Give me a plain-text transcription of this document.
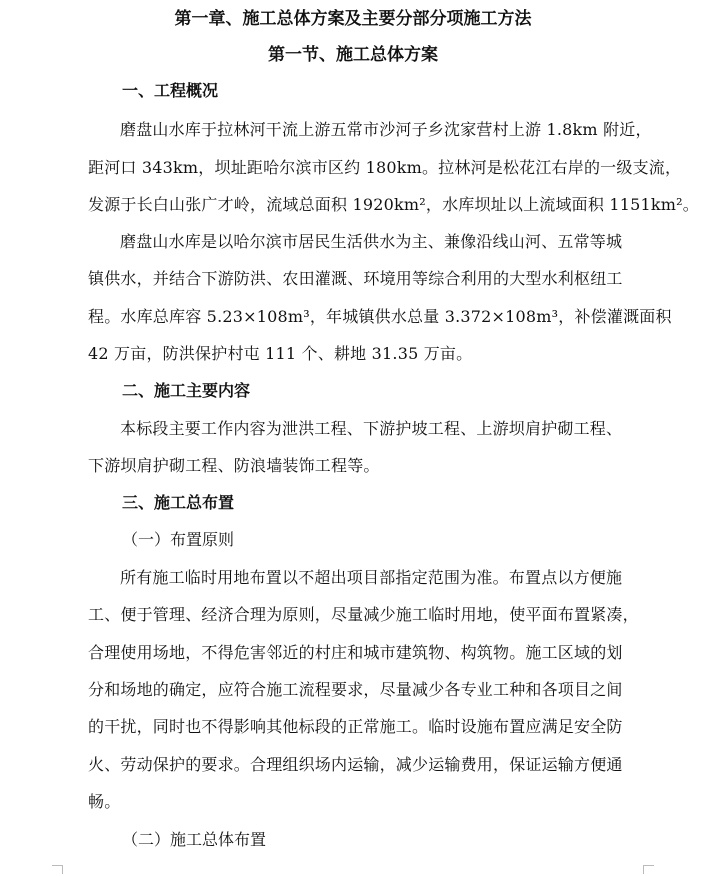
第一章、施工总体方案及主要分部分项施工方法
第一节、施工总体方案
一、工程概况
磨盘山水库于拉林河干流上游五常市沙河子乡沈家营村上游 1.8km 附近，
距河口 343km，坝址距哈尔滨市区约 180km。拉林河是松花江右岸的一级支流，
发源于长白山张广才岭，流域总面积 1920km²，水库坝址以上流域面积 1151km²。
磨盘山水库是以哈尔滨市居民生活供水为主、兼像沿线山河、五常等城
镇供水，并结合下游防洪、农田灌溉、环境用等综合利用的大型水利枢纽工
程。水库总库容 5.23×108m³，年城镇供水总量 3.372×108m³，补偿灌溉面积
42 万亩，防洪保护村屯 111 个、耕地 31.35 万亩。
二、施工主要内容
本标段主要工作内容为泄洪工程、下游护坡工程、上游坝肩护砌工程、
下游坝肩护砌工程、防浪墙装饰工程等。
三、施工总布置
（一）布置原则
所有施工临时用地布置以不超出项目部指定范围为准。布置点以方便施
工、便于管理、经济合理为原则，尽量减少施工临时用地，使平面布置紧凑，
合理使用场地，不得危害邻近的村庄和城市建筑物、构筑物。施工区域的划
分和场地的确定，应符合施工流程要求，尽量减少各专业工种和各项目之间
的干扰，同时也不得影响其他标段的正常施工。临时设施布置应满足安全防
火、劳动保护的要求。合理组织场内运输，减少运输费用，保证运输方便通
畅。
（二）施工总体布置
